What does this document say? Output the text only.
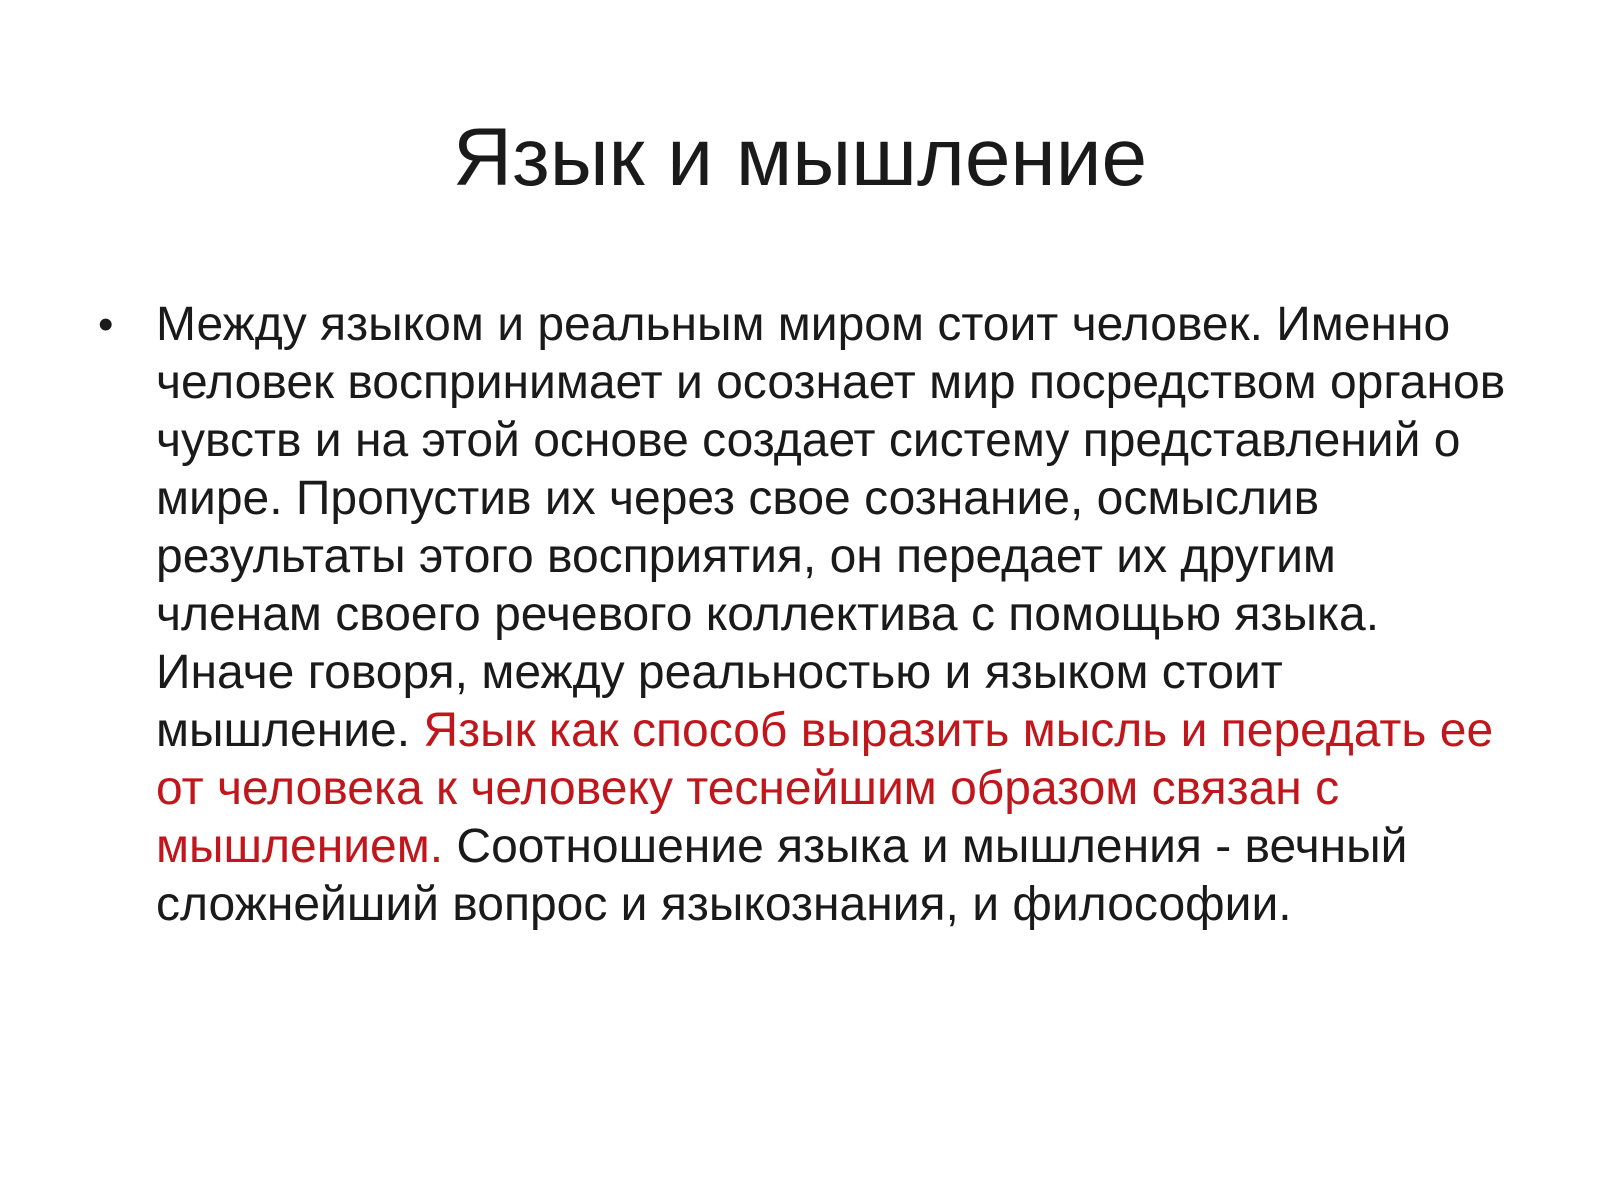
Язык и мышление
• Между языком и реальным миром стоит человек. Именно человек воспринимает и осознает мир посредством органов чувств и на этой основе создает систему представлений о мире. Пропустив их через свое сознание, осмыслив результаты этого восприятия, он передает их другим членам своего речевого коллектива с помощью языка. Иначе говоря, между реальностью и языком стоит мышление. Язык как способ выразить мысль и передать ее от человека к человеку теснейшим образом связан с мышлением. Соотношение языка и мышления - вечный сложнейший вопрос и языкознания, и философии.
